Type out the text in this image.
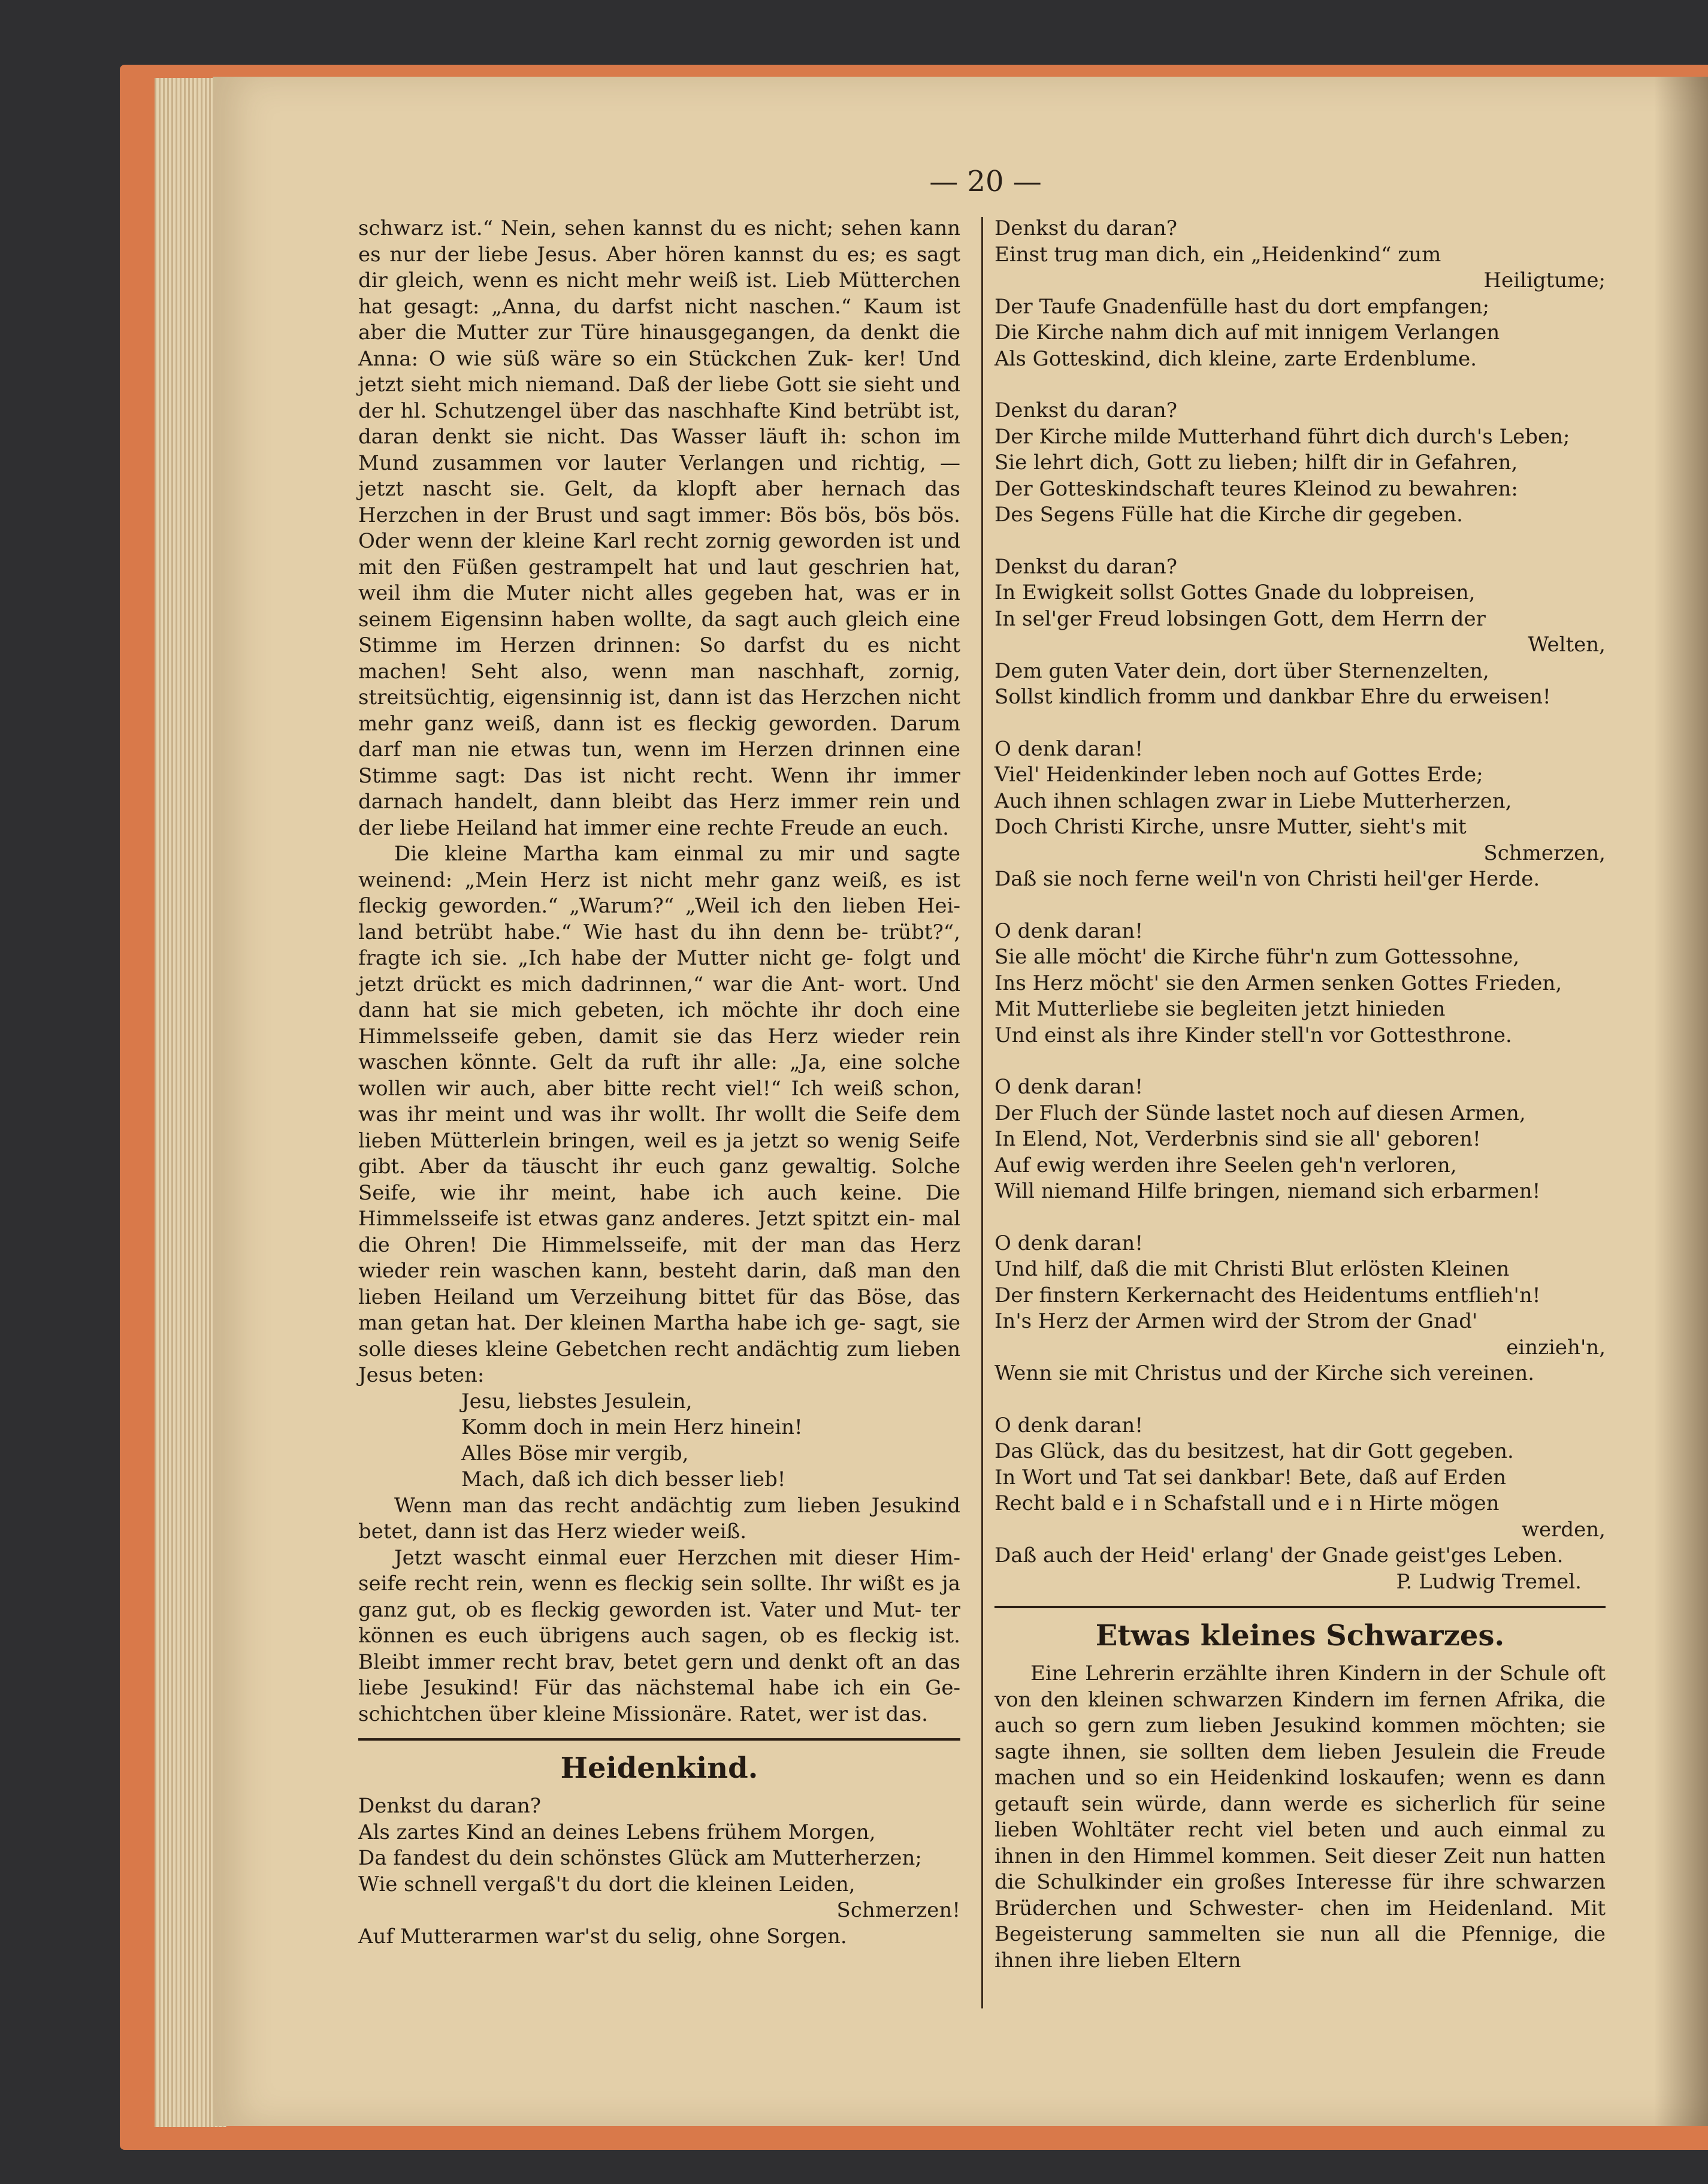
— 20 —

schwarz ist.“ Nein, sehen kannst du es nicht; sehen kann es nur der liebe Jesus. Aber hören kannst du es; es sagt dir gleich, wenn es nicht mehr weiß ist. Lieb Mütterchen hat gesagt: „Anna, du darfst nicht naschen.“ Kaum ist aber die Mutter zur Türe hinausgegangen, da denkt die Anna: O wie süß wäre so ein Stückchen Zuk- ker! Und jetzt sieht mich niemand. Daß der liebe Gott sie sieht und der hl. Schutzengel über das naschhafte Kind betrübt ist, daran denkt sie nicht. Das Wasser läuft ih: schon im Mund zusammen vor lauter Verlangen und richtig, — jetzt nascht sie. Gelt, da klopft aber hernach das Herzchen in der Brust und sagt immer: Bös bös, bös bös. Oder wenn der kleine Karl recht zornig geworden ist und mit den Füßen gestrampelt hat und laut geschrien hat, weil ihm die Muter nicht alles gegeben hat, was er in seinem Eigensinn haben wollte, da sagt auch gleich eine Stimme im Herzen drinnen: So darfst du es nicht machen! Seht also, wenn man naschhaft, zornig, streitsüchtig, eigensinnig ist, dann ist das Herzchen nicht mehr ganz weiß, dann ist es fleckig geworden. Darum darf man nie etwas tun, wenn im Herzen drinnen eine Stimme sagt: Das ist nicht recht. Wenn ihr immer darnach handelt, dann bleibt das Herz immer rein und der liebe Heiland hat immer eine rechte Freude an euch.

Die kleine Martha kam einmal zu mir und sagte weinend: „Mein Herz ist nicht mehr ganz weiß, es ist fleckig geworden.“ „Warum?“ „Weil ich den lieben Hei- land betrübt habe.“ Wie hast du ihn denn be- trübt?“, fragte ich sie. „Ich habe der Mutter nicht ge- folgt und jetzt drückt es mich dadrinnen,“ war die Ant- wort. Und dann hat sie mich gebeten, ich möchte ihr doch eine Himmelsseife geben, damit sie das Herz wieder rein waschen könnte. Gelt da ruft ihr alle: „Ja, eine solche wollen wir auch, aber bitte recht viel!“ Ich weiß schon, was ihr meint und was ihr wollt. Ihr wollt die Seife dem lieben Mütterlein bringen, weil es ja jetzt so wenig Seife gibt. Aber da täuscht ihr euch ganz gewaltig. Solche Seife, wie ihr meint, habe ich auch keine. Die Himmelsseife ist etwas ganz anderes. Jetzt spitzt ein- mal die Ohren! Die Himmelsseife, mit der man das Herz wieder rein waschen kann, besteht darin, daß man den lieben Heiland um Verzeihung bittet für das Böse, das man getan hat. Der kleinen Martha habe ich ge- sagt, sie solle dieses kleine Gebetchen recht andächtig zum lieben Jesus beten:

Jesu, liebstes Jesulein,
Komm doch in mein Herz hinein!
Alles Böse mir vergib,
Mach, daß ich dich besser lieb!

Wenn man das recht andächtig zum lieben Jesukind betet, dann ist das Herz wieder weiß.

Jetzt wascht einmal euer Herzchen mit dieser Him- seife recht rein, wenn es fleckig sein sollte. Ihr wißt es ja ganz gut, ob es fleckig geworden ist. Vater und Mut- ter können es euch übrigens auch sagen, ob es fleckig ist. Bleibt immer recht brav, betet gern und denkt oft an das liebe Jesukind! Für das nächstemal habe ich ein Ge- schichtchen über kleine Missionäre. Ratet, wer ist das.

Heidenkind.
Denkst du daran?
Als zartes Kind an deines Lebens frühem Morgen,
Da fandest du dein schönstes Glück am Mutterherzen;
Wie schnell vergaß't du dort die kleinen Leiden,
Schmerzen!
Auf Mutterarmen war'st du selig, ohne Sorgen.
Denkst du daran?
Einst trug man dich, ein „Heidenkind“ zum
Heiligtume;
Der Taufe Gnadenfülle hast du dort empfangen;
Die Kirche nahm dich auf mit innigem Verlangen
Als Gotteskind, dich kleine, zarte Erdenblume.
Denkst du daran?
Der Kirche milde Mutterhand führt dich durch's Leben;
Sie lehrt dich, Gott zu lieben; hilft dir in Gefahren,
Der Gotteskindschaft teures Kleinod zu bewahren:
Des Segens Fülle hat die Kirche dir gegeben.
Denkst du daran?
In Ewigkeit sollst Gottes Gnade du lobpreisen,
In sel'ger Freud lobsingen Gott, dem Herrn der
Welten,
Dem guten Vater dein, dort über Sternenzelten,
Sollst kindlich fromm und dankbar Ehre du erweisen!
O denk daran!
Viel' Heidenkinder leben noch auf Gottes Erde;
Auch ihnen schlagen zwar in Liebe Mutterherzen,
Doch Christi Kirche, unsre Mutter, sieht's mit
Schmerzen,
Daß sie noch ferne weil'n von Christi heil'ger Herde.
O denk daran!
Sie alle möcht' die Kirche führ'n zum Gottessohne,
Ins Herz möcht' sie den Armen senken Gottes Frieden,
Mit Mutterliebe sie begleiten jetzt hinieden
Und einst als ihre Kinder stell'n vor Gottesthrone.
O denk daran!
Der Fluch der Sünde lastet noch auf diesen Armen,
In Elend, Not, Verderbnis sind sie all' geboren!
Auf ewig werden ihre Seelen geh'n verloren,
Will niemand Hilfe bringen, niemand sich erbarmen!
O denk daran!
Und hilf, daß die mit Christi Blut erlösten Kleinen
Der finstern Kerkernacht des Heidentums entflieh'n!
In's Herz der Armen wird der Strom der Gnad'
einzieh'n,
Wenn sie mit Christus und der Kirche sich vereinen.
O denk daran!
Das Glück, das du besitzest, hat dir Gott gegeben.
In Wort und Tat sei dankbar! Bete, daß auf Erden
Recht bald e i n Schafstall und e i n Hirte mögen
werden,
Daß auch der Heid' erlang' der Gnade geist'ges Leben.
P. Ludwig Tremel.
Etwas kleines Schwarzes.

Eine Lehrerin erzählte ihren Kindern in der Schule oft von den kleinen schwarzen Kindern im fernen Afrika, die auch so gern zum lieben Jesukind kommen möchten; sie sagte ihnen, sie sollten dem lieben Jesulein die Freude machen und so ein Heidenkind loskaufen; wenn es dann getauft sein würde, dann werde es sicherlich für seine lieben Wohltäter recht viel beten und auch einmal zu ihnen in den Himmel kommen. Seit dieser Zeit nun hatten die Schulkinder ein großes Interesse für ihre schwarzen Brüderchen und Schwester- chen im Heidenland. Mit Begeisterung sammelten sie nun all die Pfennige, die ihnen ihre lieben Eltern
